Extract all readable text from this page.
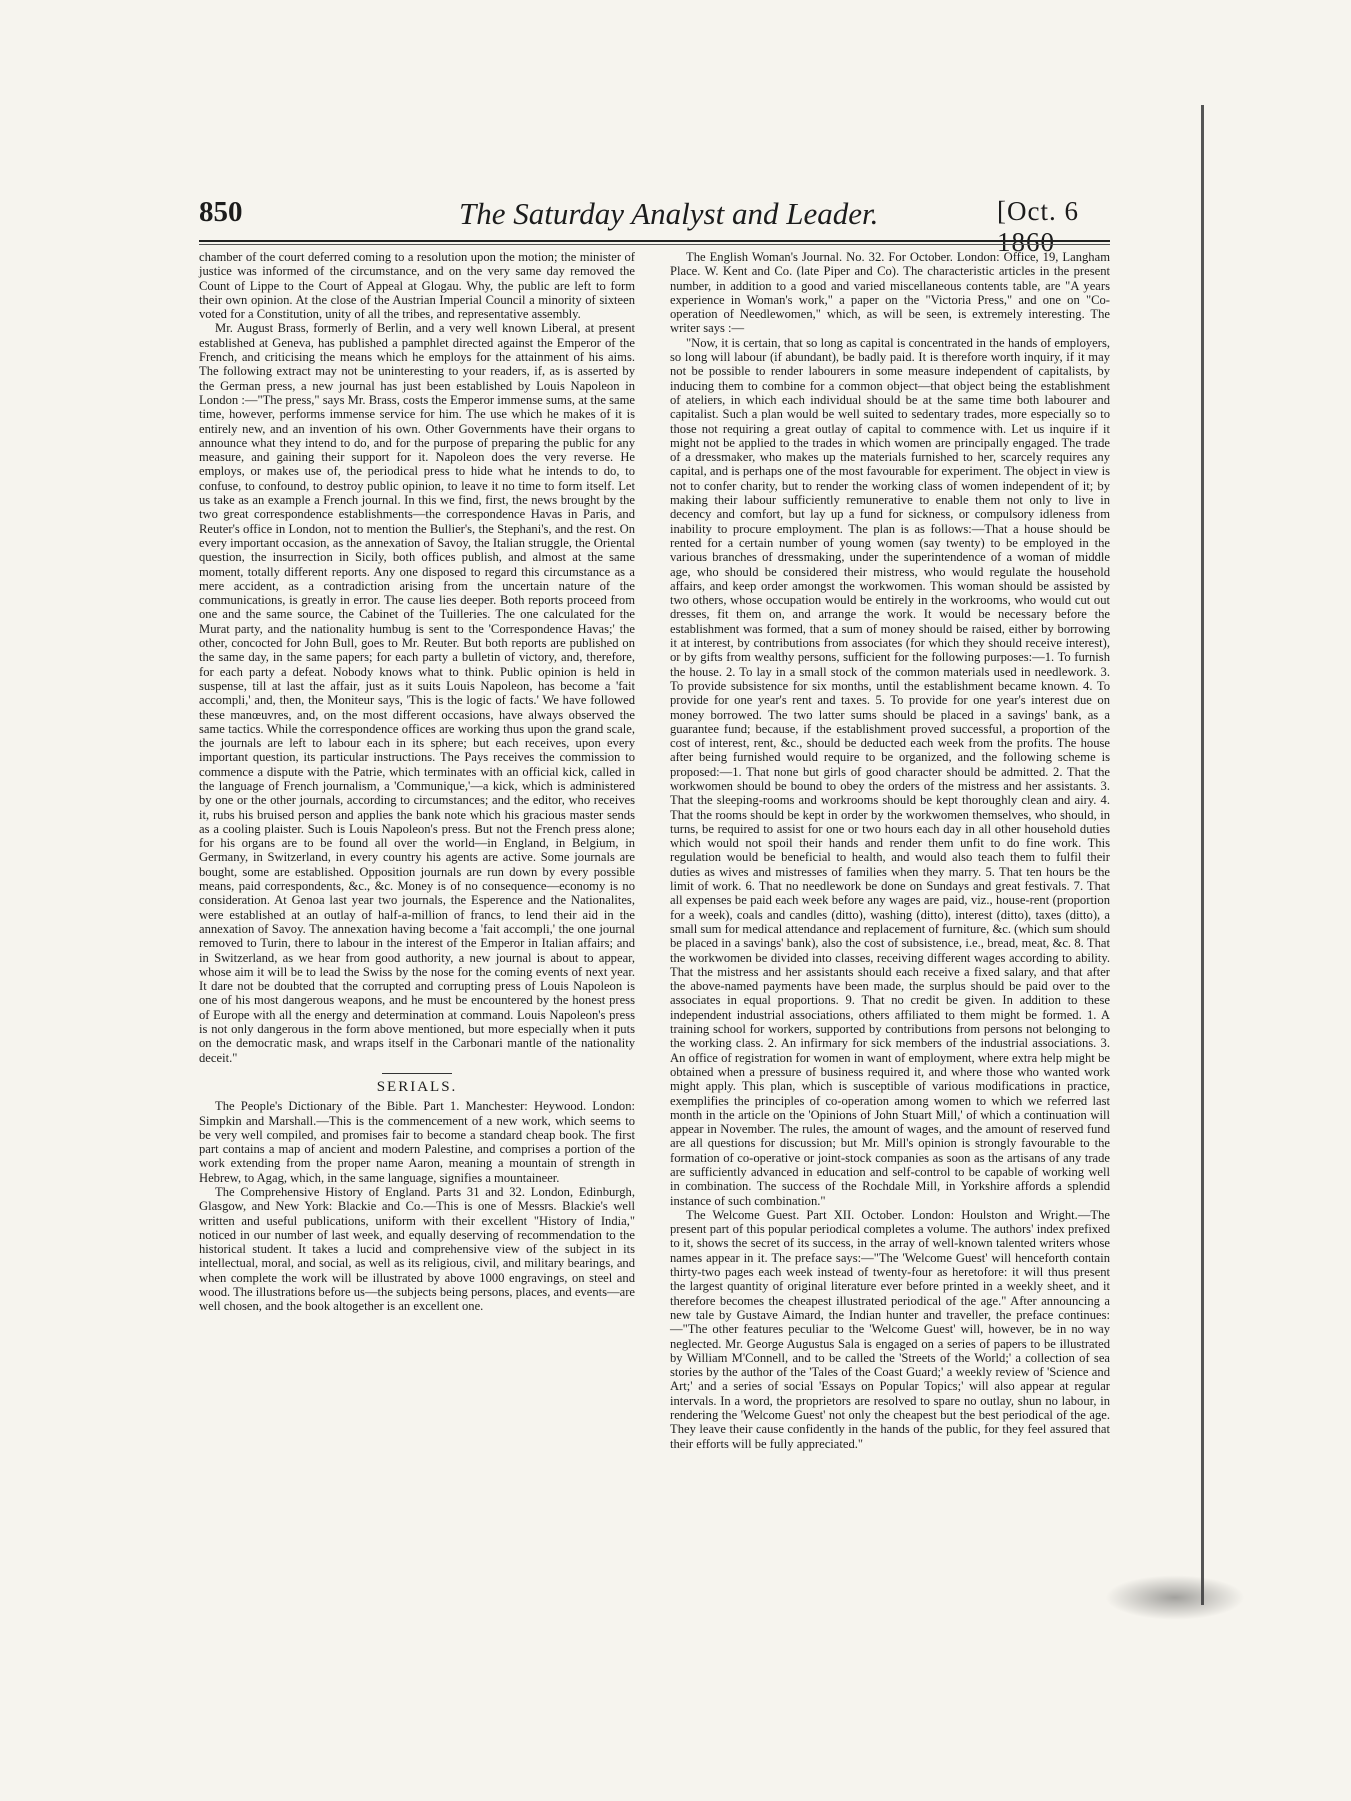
850	The Saturday Analyst and Leader.	[Oct. 6 1860

chamber of the court deferred coming to a resolution upon the motion; the minister of justice was informed of the circumstance, and on the very same day removed the Count of Lippe to the Court of Appeal at Glogau. Why, the public are left to form their own opinion. At the close of the Austrian Imperial Council a minority of sixteen voted for a Constitution, unity of all the tribes, and representative assembly.

Mr. August Brass, formerly of Berlin, and a very well known Liberal, at present established at Geneva, has published a pamphlet directed against the Emperor of the French, and criticising the means which he employs for the attainment of his aims. The following extract may not be uninteresting to your readers, if, as is asserted by the German press, a new journal has just been established by Louis Napoleon in London :—"The press," says Mr. Brass, costs the Emperor immense sums, at the same time, however, performs immense service for him. The use which he makes of it is entirely new, and an invention of his own. Other Governments have their organs to announce what they intend to do, and for the purpose of preparing the public for any measure, and gaining their support for it. Napoleon does the very reverse. He employs, or makes use of, the periodical press to hide what he intends to do, to confuse, to confound, to destroy public opinion, to leave it no time to form itself. Let us take as an example a French journal. In this we find, first, the news brought by the two great correspondence establishments—the correspondence Havas in Paris, and Reuter's office in London, not to mention the Bullier's, the Stephani's, and the rest. On every important occasion, as the annexation of Savoy, the Italian struggle, the Oriental question, the insurrection in Sicily, both offices publish, and almost at the same moment, totally different reports. Any one disposed to regard this circumstance as a mere accident, as a contradiction arising from the uncertain nature of the communications, is greatly in error. The cause lies deeper. Both reports proceed from one and the same source, the Cabinet of the Tuilleries. The one calculated for the Murat party, and the nationality humbug is sent to the 'Correspondence Havas;' the other, concocted for John Bull, goes to Mr. Reuter. But both reports are published on the same day, in the same papers; for each party a bulletin of victory, and, therefore, for each party a defeat. Nobody knows what to think. Public opinion is held in suspense, till at last the affair, just as it suits Louis Napoleon, has become a 'fait accompli,' and, then, the Moniteur says, 'This is the logic of facts.' We have followed these manœuvres, and, on the most different occasions, have always observed the same tactics. While the correspondence offices are working thus upon the grand scale, the journals are left to labour each in its sphere; but each receives, upon every important question, its particular instructions. The Pays receives the commission to commence a dispute with the Patrie, which terminates with an official kick, called in the language of French journalism, a 'Communique,'—a kick, which is administered by one or the other journals, according to circumstances; and the editor, who receives it, rubs his bruised person and applies the bank note which his gracious master sends as a cooling plaister. Such is Louis Napoleon's press. But not the French press alone; for his organs are to be found all over the world—in England, in Belgium, in Germany, in Switzerland, in every country his agents are active. Some journals are bought, some are established. Opposition journals are run down by every possible means, paid correspondents, &c., &c. Money is of no consequence—economy is no consideration. At Genoa last year two journals, the Esperence and the Nationalites, were established at an outlay of half-a-million of francs, to lend their aid in the annexation of Savoy. The annexation having become a 'fait accompli,' the one journal removed to Turin, there to labour in the interest of the Emperor in Italian affairs; and in Switzerland, as we hear from good authority, a new journal is about to appear, whose aim it will be to lead the Swiss by the nose for the coming events of next year. It dare not be doubted that the corrupted and corrupting press of Louis Napoleon is one of his most dangerous weapons, and he must be encountered by the honest press of Europe with all the energy and determination at command. Louis Napoleon's press is not only dangerous in the form above mentioned, but more especially when it puts on the democratic mask, and wraps itself in the Carbonari mantle of the nationality deceit."

SERIALS.

The People's Dictionary of the Bible. Part 1. Manchester: Heywood. London: Simpkin and Marshall.—This is the commencement of a new work, which seems to be very well compiled, and promises fair to become a standard cheap book. The first part contains a map of ancient and modern Palestine, and comprises a portion of the work extending from the proper name Aaron, meaning a mountain of strength in Hebrew, to Agag, which, in the same language, signifies a mountaineer.

The Comprehensive History of England. Parts 31 and 32. London, Edinburgh, Glasgow, and New York: Blackie and Co.—This is one of Messrs. Blackie's well written and useful publications, uniform with their excellent "History of India," noticed in our number of last week, and equally deserving of recommendation to the historical student. It takes a lucid and comprehensive view of the subject in its intellectual, moral, and social, as well as its religious, civil, and military bearings, and when complete the work will be illustrated by above 1000 engravings, on steel and wood. The illustrations before us—the subjects being persons, places, and events—are well chosen, and the book altogether is an excellent one.

The English Woman's Journal. No. 32. For October. London: Office, 19, Langham Place. W. Kent and Co. (late Piper and Co). The characteristic articles in the present number, in addition to a good and varied miscellaneous contents table, are "A years experience in Woman's work," a paper on the "Victoria Press," and one on "Co-operation of Needlewomen," which, as will be seen, is extremely interesting. The writer says :—

"Now, it is certain, that so long as capital is concentrated in the hands of employers, so long will labour (if abundant), be badly paid. It is therefore worth inquiry, if it may not be possible to render labourers in some measure independent of capitalists, by inducing them to combine for a common object—that object being the establishment of ateliers, in which each individual should be at the same time both labourer and capitalist. Such a plan would be well suited to sedentary trades, more especially so to those not requiring a great outlay of capital to commence with. Let us inquire if it might not be applied to the trades in which women are principally engaged. The trade of a dressmaker, who makes up the materials furnished to her, scarcely requires any capital, and is perhaps one of the most favourable for experiment. The object in view is not to confer charity, but to render the working class of women independent of it; by making their labour sufficiently remunerative to enable them not only to live in decency and comfort, but lay up a fund for sickness, or compulsory idleness from inability to procure employment. The plan is as follows:—That a house should be rented for a certain number of young women (say twenty) to be employed in the various branches of dressmaking, under the superintendence of a woman of middle age, who should be considered their mistress, who would regulate the household affairs, and keep order amongst the workwomen. This woman should be assisted by two others, whose occupation would be entirely in the workrooms, who would cut out dresses, fit them on, and arrange the work. It would be necessary before the establishment was formed, that a sum of money should be raised, either by borrowing it at interest, by contributions from associates (for which they should receive interest), or by gifts from wealthy persons, sufficient for the following purposes:—1. To furnish the house. 2. To lay in a small stock of the common materials used in needlework. 3. To provide subsistence for six months, until the establishment became known. 4. To provide for one year's rent and taxes. 5. To provide for one year's interest due on money borrowed. The two latter sums should be placed in a savings' bank, as a guarantee fund; because, if the establishment proved successful, a proportion of the cost of interest, rent, &c., should be deducted each week from the profits. The house after being furnished would require to be organized, and the following scheme is proposed:—1. That none but girls of good character should be admitted. 2. That the workwomen should be bound to obey the orders of the mistress and her assistants. 3. That the sleeping-rooms and workrooms should be kept thoroughly clean and airy. 4. That the rooms should be kept in order by the workwomen themselves, who should, in turns, be required to assist for one or two hours each day in all other household duties which would not spoil their hands and render them unfit to do fine work. This regulation would be beneficial to health, and would also teach them to fulfil their duties as wives and mistresses of families when they marry. 5. That ten hours be the limit of work. 6. That no needlework be done on Sundays and great festivals. 7. That all expenses be paid each week before any wages are paid, viz., house-rent (proportion for a week), coals and candles (ditto), washing (ditto), interest (ditto), taxes (ditto), a small sum for medical attendance and replacement of furniture, &c. (which sum should be placed in a savings' bank), also the cost of subsistence, i.e., bread, meat, &c. 8. That the workwomen be divided into classes, receiving different wages according to ability. That the mistress and her assistants should each receive a fixed salary, and that after the above-named payments have been made, the surplus should be paid over to the associates in equal proportions. 9. That no credit be given. In addition to these independent industrial associations, others affiliated to them might be formed. 1. A training school for workers, supported by contributions from persons not belonging to the working class. 2. An infirmary for sick members of the industrial associations. 3. An office of registration for women in want of employment, where extra help might be obtained when a pressure of business required it, and where those who wanted work might apply. This plan, which is susceptible of various modifications in practice, exemplifies the principles of co-operation among women to which we referred last month in the article on the 'Opinions of John Stuart Mill,' of which a continuation will appear in November. The rules, the amount of wages, and the amount of reserved fund are all questions for discussion; but Mr. Mill's opinion is strongly favourable to the formation of co-operative or joint-stock companies as soon as the artisans of any trade are sufficiently advanced in education and self-control to be capable of working well in combination. The success of the Rochdale Mill, in Yorkshire affords a splendid instance of such combination."

The Welcome Guest. Part XII. October. London: Houlston and Wright.—The present part of this popular periodical completes a volume. The authors' index prefixed to it, shows the secret of its success, in the array of well-known talented writers whose names appear in it. The preface says:—"The 'Welcome Guest' will henceforth contain thirty-two pages each week instead of twenty-four as heretofore: it will thus present the largest quantity of original literature ever before printed in a weekly sheet, and it therefore becomes the cheapest illustrated periodical of the age." After announcing a new tale by Gustave Aimard, the Indian hunter and traveller, the preface continues:—"The other features peculiar to the 'Welcome Guest' will, however, be in no way neglected. Mr. George Augustus Sala is engaged on a series of papers to be illustrated by William M'Connell, and to be called the 'Streets of the World;' a collection of sea stories by the author of the 'Tales of the Coast Guard;' a weekly review of 'Science and Art;' and a series of social 'Essays on Popular Topics;' will also appear at regular intervals. In a word, the proprietors are resolved to spare no outlay, shun no labour, in rendering the 'Welcome Guest' not only the cheapest but the best periodical of the age. They leave their cause confidently in the hands of the public, for they feel assured that their efforts will be fully appreciated."
